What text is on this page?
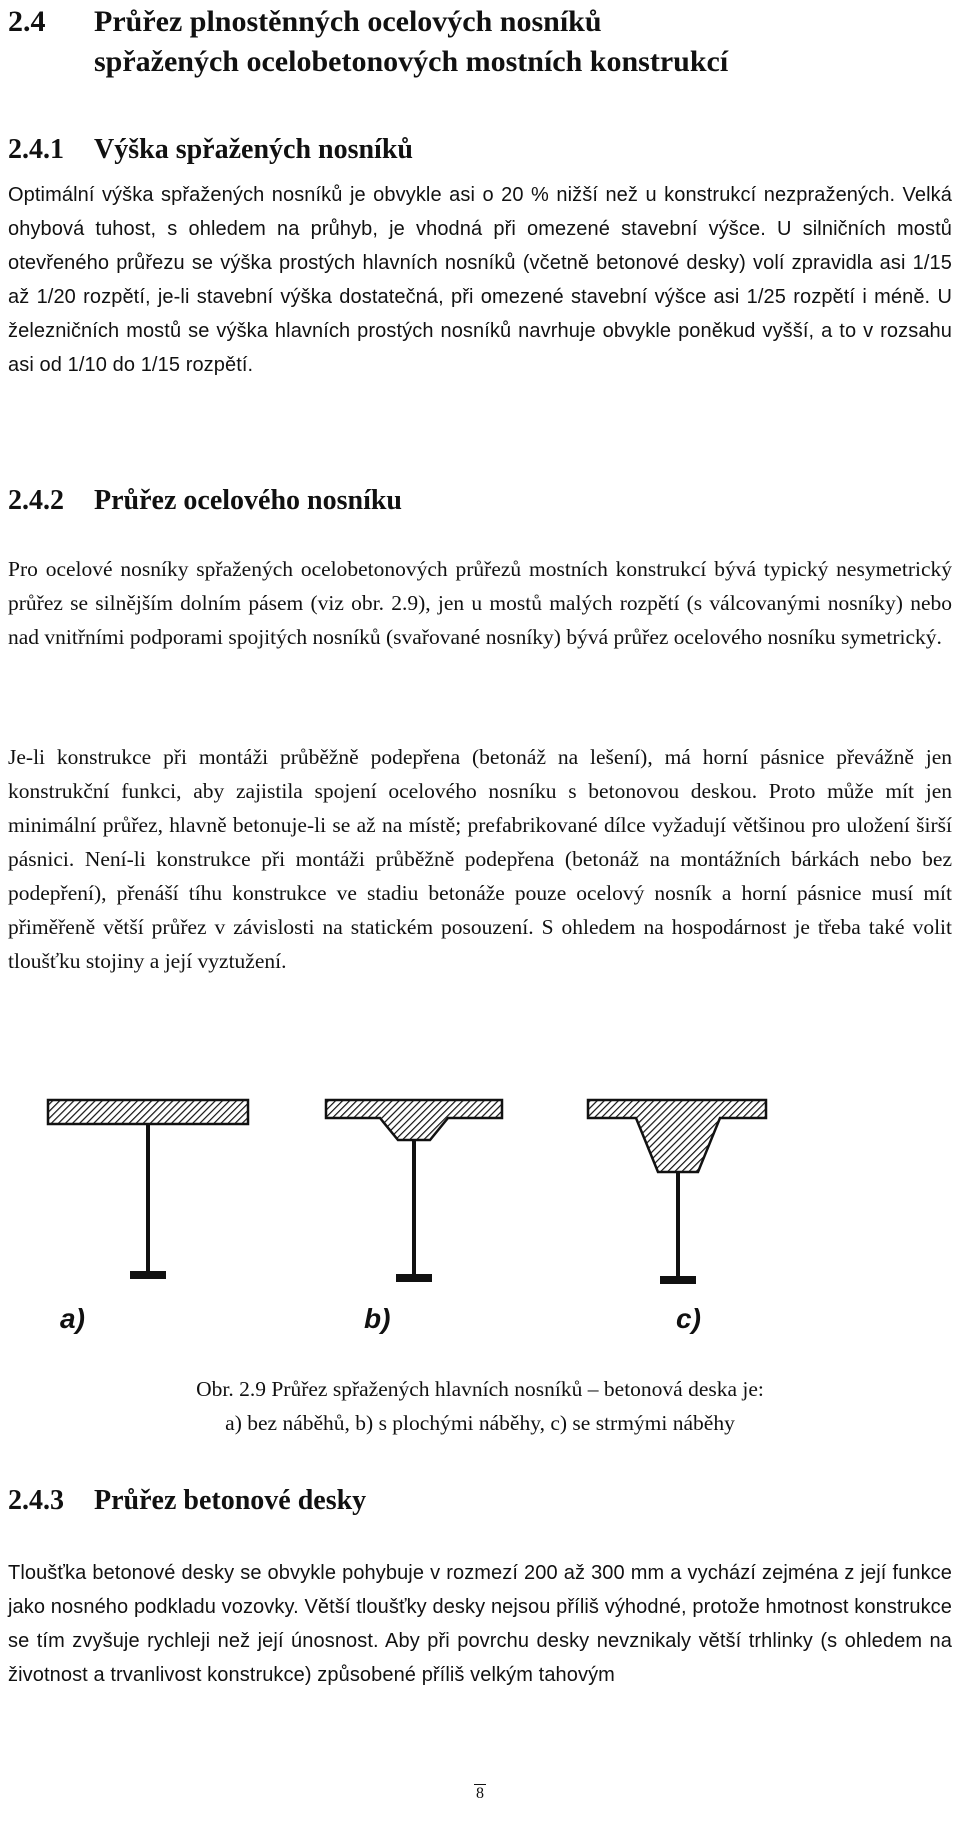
2.4 Průřez plnostěnných ocelových nosníků
spřažených ocelobetonových mostních konstrukcí
2.4.1 Výška spřažených nosníků

Optimální výška spřažených nosníků je obvykle asi o 20 % nižší než u konstrukcí nezpražených. Velká ohybová tuhost, s ohledem na průhyb, je vhodná při omezené stavební výšce. U silničních mostů otevřeného průřezu se výška prostých hlavních nosníků (včetně betonové desky) volí zpravidla asi 1/15 až 1/20 rozpětí, je-li stavební výška dostatečná, při omezené stavební výšce asi 1/25 rozpětí i méně. U železničních mostů se výška hlavních prostých nosníků navrhuje obvykle poněkud vyšší, a to v rozsahu asi od 1/10 do 1/15 rozpětí.

2.4.2 Průřez ocelového nosníku

Pro ocelové nosníky spřažených ocelobetonových průřezů mostních konstrukcí bývá typický nesymetrický průřez se silnějším dolním pásem (viz obr. 2.9), jen u mostů malých rozpětí (s válcovanými nosníky) nebo nad vnitřními podporami spojitých nosníků (svařované nosníky) bývá průřez ocelového nosníku symetrický.

Je-li konstrukce při montáži průběžně podepřena (betonáž na lešení), má horní pásnice převážně jen konstrukční funkci, aby zajistila spojení ocelového nosníku s betonovou deskou. Proto může mít jen minimální průřez, hlavně betonuje-li se až na místě; prefabrikované dílce vyžadují většinou pro uložení širší pásnici. Není-li konstrukce při montáži průběžně podepřena (betonáž na montážních bárkách nebo bez podepření), přenáší tíhu konstrukce ve stadiu betonáže pouze ocelový nosník a horní pásnice musí mít přiměřeně větší průřez v závislosti na statickém posouzení. S ohledem na hospodárnost je třeba také volit tloušťku stojiny a její vyztužení.

a)	b)	c)
Obr. 2.9 Průřez spřažených hlavních nosníků – betonová deska je:
a) bez náběhů, b) s plochými náběhy, c) se strmými náběhy
2.4.3 Průřez betonové desky

Tloušťka betonové desky se obvykle pohybuje v rozmezí 200 až 300 mm a vychází zejména z její funkce jako nosného podkladu vozovky. Větší tloušťky desky nejsou příliš výhodné, protože hmotnost konstrukce se tím zvyšuje rychleji než její únosnost. Aby při povrchu desky nevznikaly větší trhlinky (s ohledem na životnost a trvanlivost konstrukce) způsobené příliš velkým tahovým

8
